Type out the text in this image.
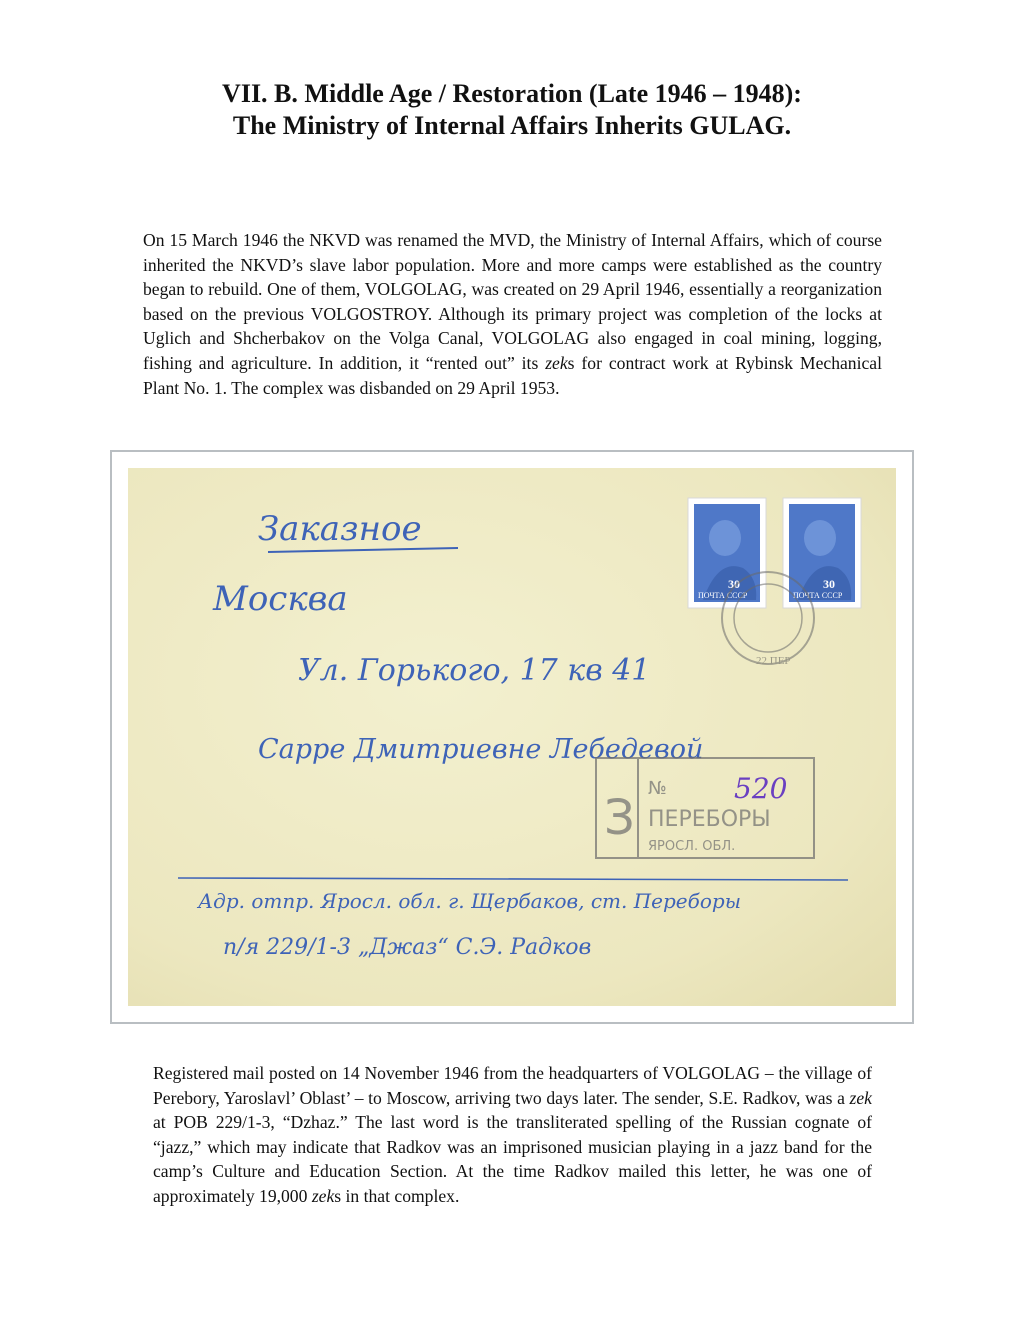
VII. B. Middle Age / Restoration (Late 1946 – 1948):
The Ministry of Internal Affairs Inherits GULAG.

On 15 March 1946 the NKVD was renamed the MVD, the Ministry of Internal Affairs, which of course inherited the NKVD’s slave labor population. More and more camps were established as the country began to rebuild. One of them, VOLGOLAG, was created on 29 April 1946, essentially a reorganization based on the previous VOLGOSTROY. Although its primary project was completion of the locks at Uglich and Shcherbakov on the Volga Canal, VOLGOLAG also engaged in coal mining, logging, fishing and agriculture. In addition, it “rented out” its zeks for contract work at Rybinsk Mechanical Plant No. 1. The complex was disbanded on 29 April 1953.

ПОЧТА СССР
30
ПОЧТА СССР
30
22 ПЕР
Заказное
Москва
Ул. Горького, 17 кв 41
Сарре Дмитриевне Лебедевой
З
№
ПЕРЕБОРЫ
ЯРОСЛ. ОБЛ.
520
Адр. отпр. Яросл. обл. г. Щербаков, ст. Переборы
п/я 229/1-3 „Джаз“ С.Э. Радков

Registered mail posted on 14 November 1946 from the headquarters of VOLGOLAG – the village of Perebory, Yaroslavl’ Oblast’ – to Moscow, arriving two days later. The sender, S.E. Radkov, was a zek at POB 229/1-3, “Dzhaz.” The last word is the transliterated spelling of the Russian cognate of “jazz,” which may indicate that Radkov was an imprisoned musician playing in a jazz band for the camp’s Culture and Education Section. At the time Radkov mailed this letter, he was one of approximately 19,000 zeks in that complex.
